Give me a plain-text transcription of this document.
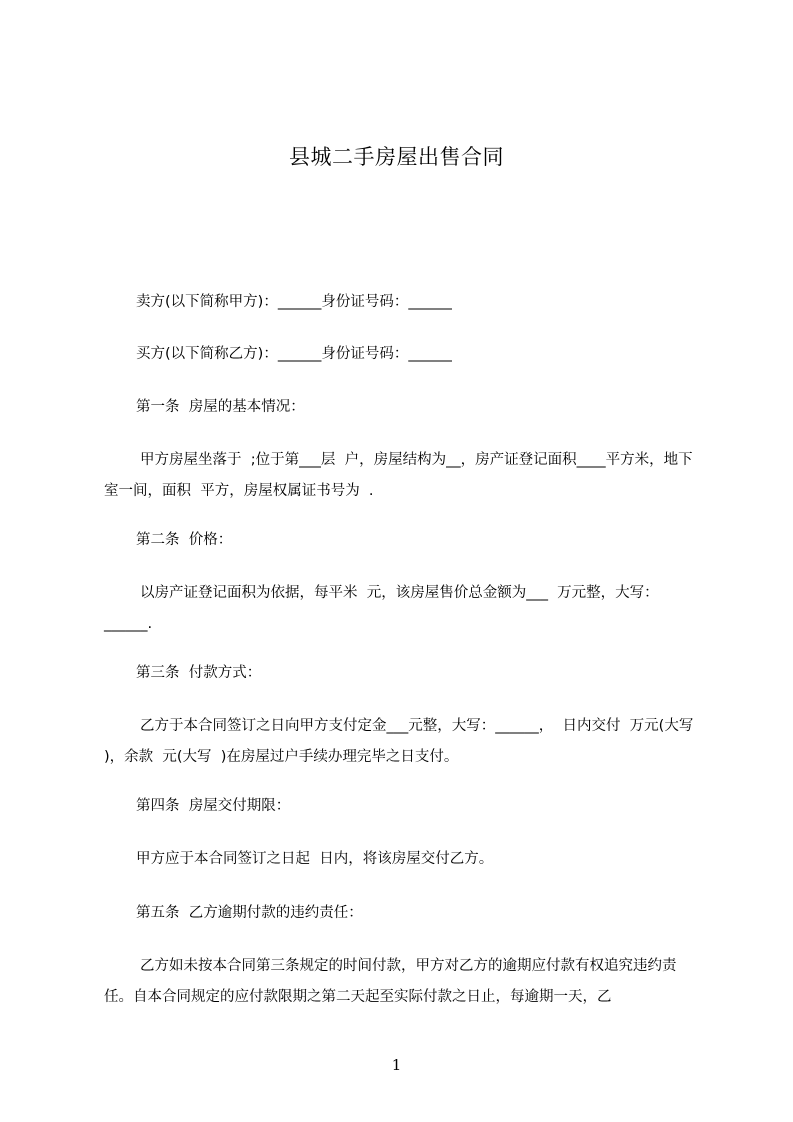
县城二手房屋出售合同

卖方(以下简称甲方)：______身份证号码：______

买方(以下简称乙方)：______身份证号码：______

第一条  房屋的基本情况：

甲方房屋坐落于  ;位于第___层  户，房屋结构为__，房产证登记面积____平方米，地下室一间，面积  平方，房屋权属证书号为  .

第二条  价格：

以房产证登记面积为依据，每平米  元，该房屋售价总金额为___  万元整，大写：______.

第三条  付款方式：

乙方于本合同签订之日向甲方支付定金___元整，大写：______，  日内交付  万元(大写  )，余款  元(大写  )在房屋过户手续办理完毕之日支付。

第四条  房屋交付期限：

甲方应于本合同签订之日起  日内，将该房屋交付乙方。

第五条  乙方逾期付款的违约责任：

乙方如未按本合同第三条规定的时间付款，甲方对乙方的逾期应付款有权追究违约责任。自本合同规定的应付款限期之第二天起至实际付款之日止，每逾期一天，乙

1
